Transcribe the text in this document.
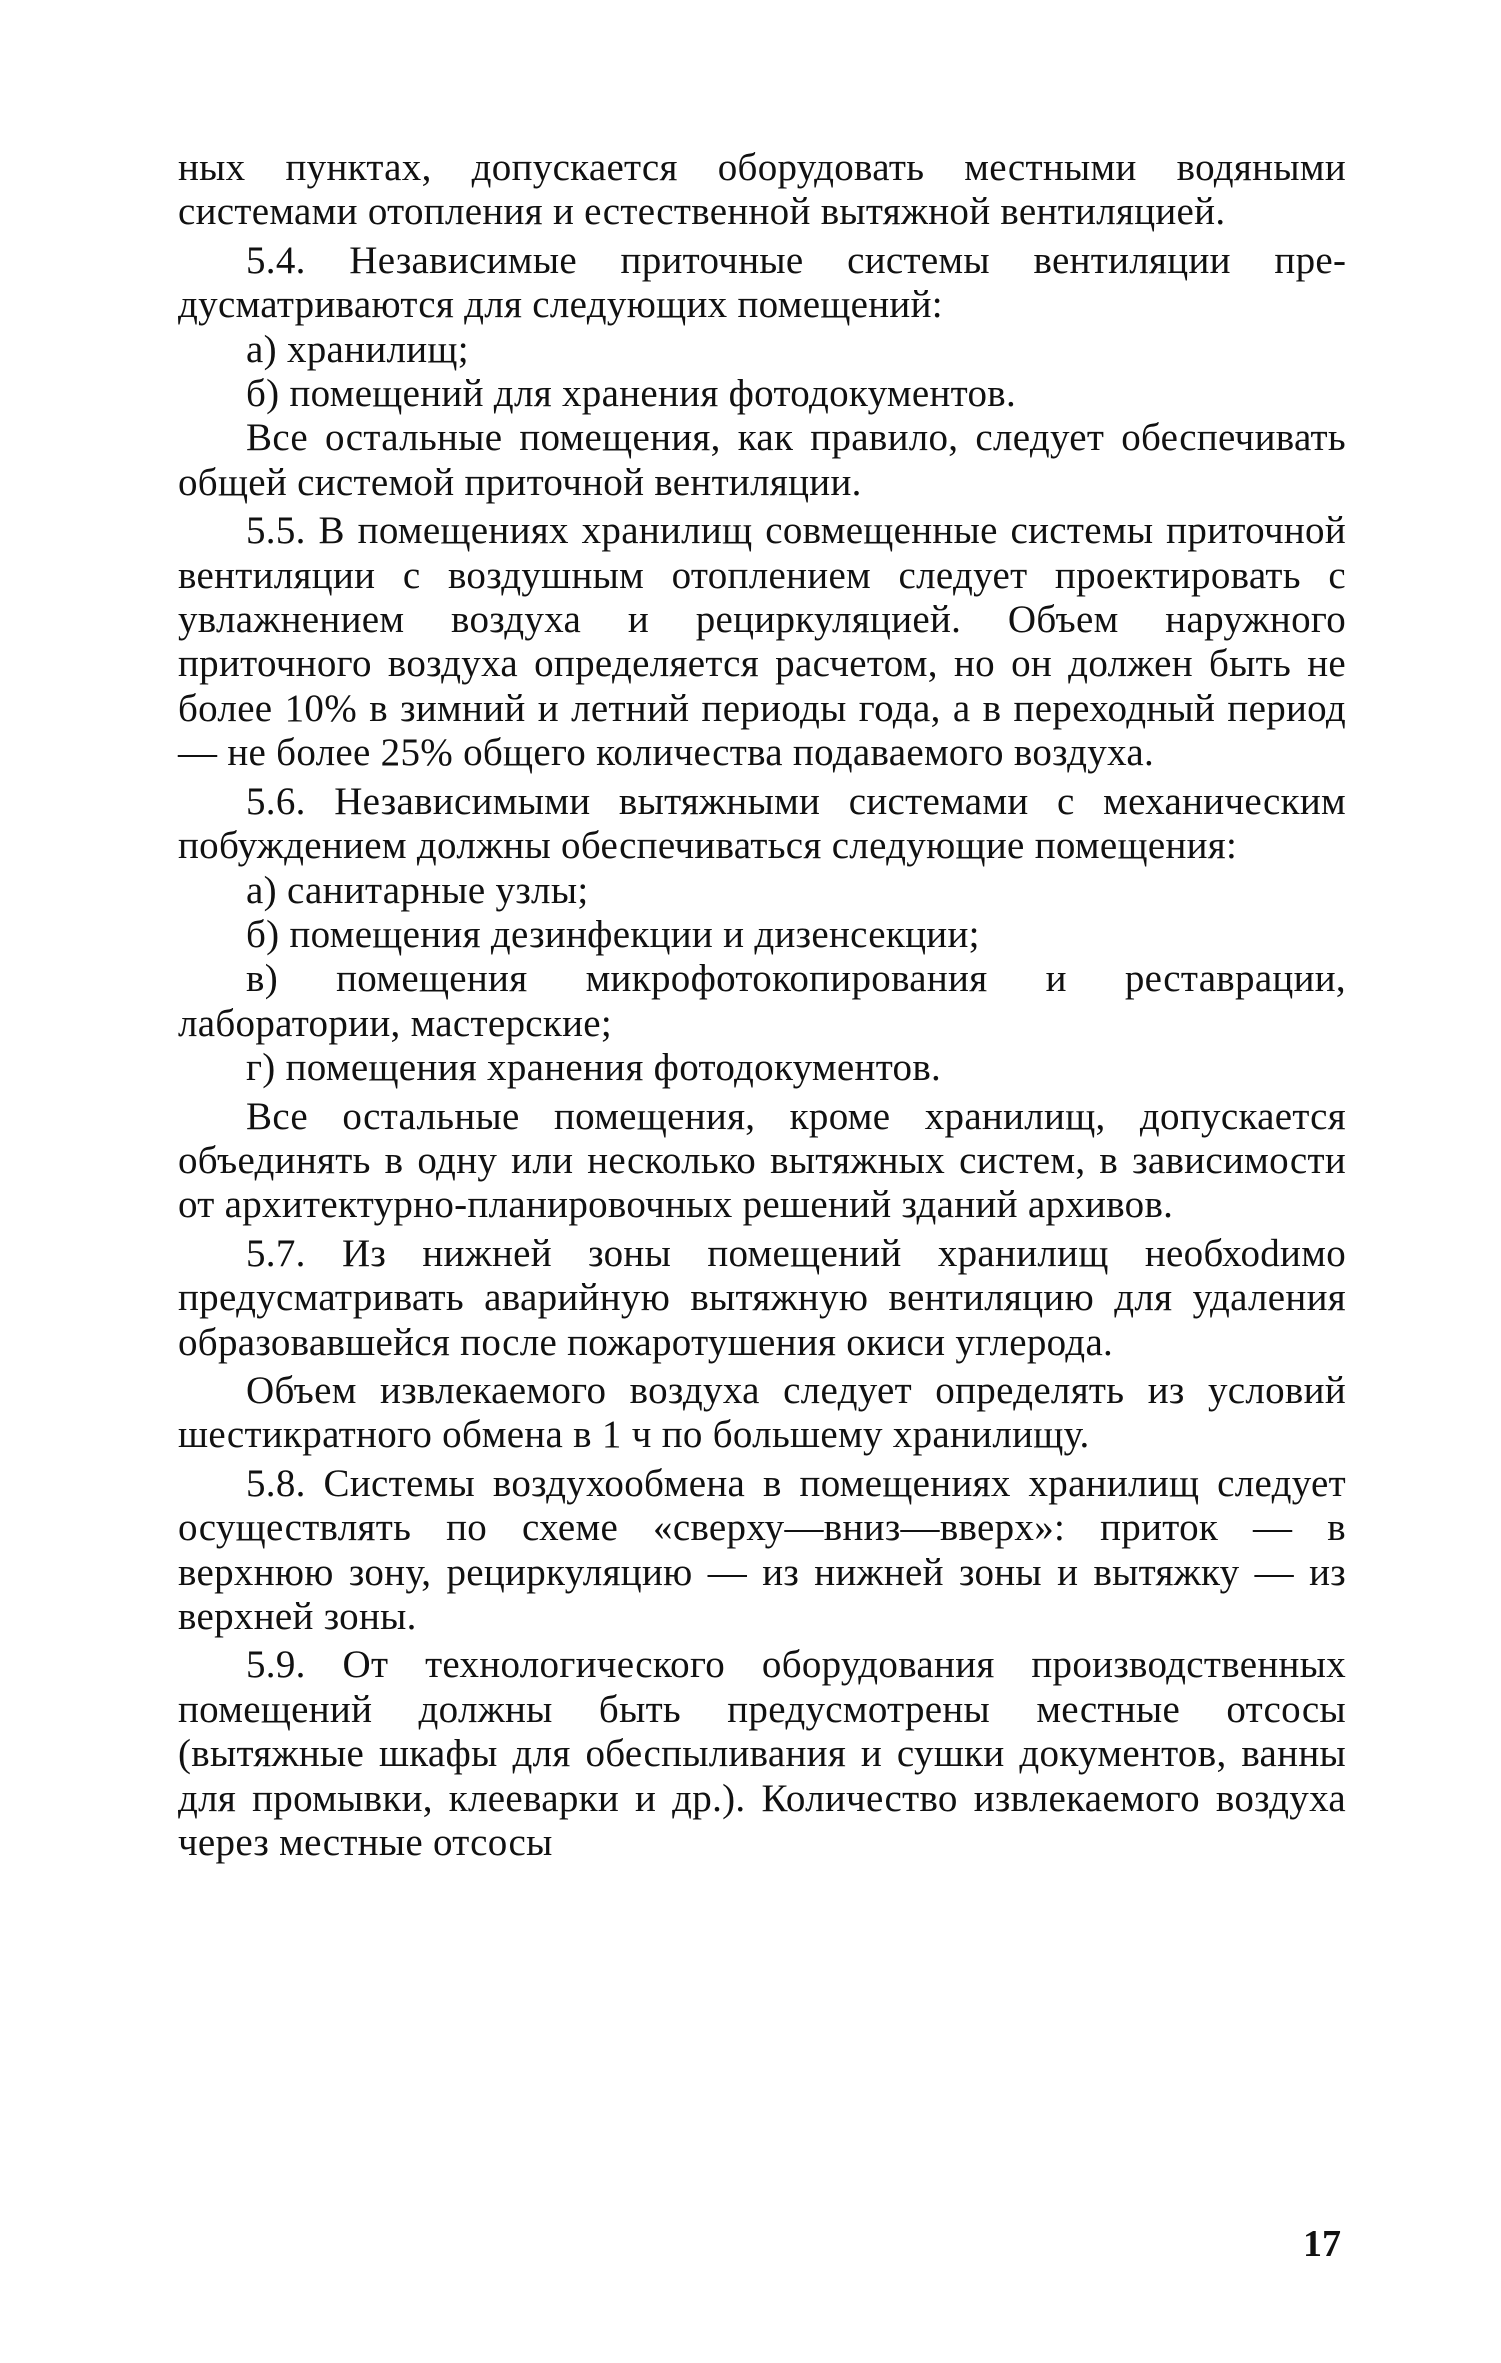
ных пунктах, допускается оборудовать местными водяными системами отопления и естественной вытяжной вентиляцией.

5.4. Независимые приточные системы вентиляции предусматриваются для следующих помещений:

а) хранилищ;

б) помещений для хранения фотодокументов.

Все остальные помещения, как правило, следует обеспечивать общей системой приточной вентиляции.

5.5. В помещениях хранилищ совмещенные системы приточной вентиляции с воздушным отоплением следует проектировать с увлажнением воздуха и рециркуляцией. Объем наружного приточного воздуха определяется расчетом, но он должен быть не более 10% в зимний и летний периоды года, а в переходный период — не более 25% общего количества подаваемого воздуха.

5.6. Независимыми вытяжными системами с механическим побуждением должны обеспечиваться следующие помещения:

а) санитарные узлы;

б) помещения дезинфекции и дизенсекции;

в) помещения микрофотокопирования и реставрации, лаборатории, мастерские;

г) помещения хранения фотодокументов.

Все остальные помещения, кроме хранилищ, допускается объединять в одну или несколько вытяжных систем, в зависимости от архитектурно-планировочных решений зданий архивов.

5.7. Из нижней зоны помещений хранилищ необхоdимо предусматривать аварийную вытяжную вентиляцию для удаления образовавшейся после пожаротушения окиси углерода.

Объем извлекаемого воздуха следует определять из условий шестикратного обмена в 1 ч по большему хранилищу.

5.8. Системы воздухообмена в помещениях хранилищ следует осуществлять по схеме «сверху—вниз—вверх»: приток — в верхнюю зону, рециркуляцию — из нижней зоны и вытяжку — из верхней зоны.

5.9. От технологического оборудования производственных помещений должны быть предусмотрены местные отсосы (вытяжные шкафы для обеспыливания и сушки документов, ванны для промывки, клееварки и др.). Количество извлекаемого воздуха через местные отсосы

17
